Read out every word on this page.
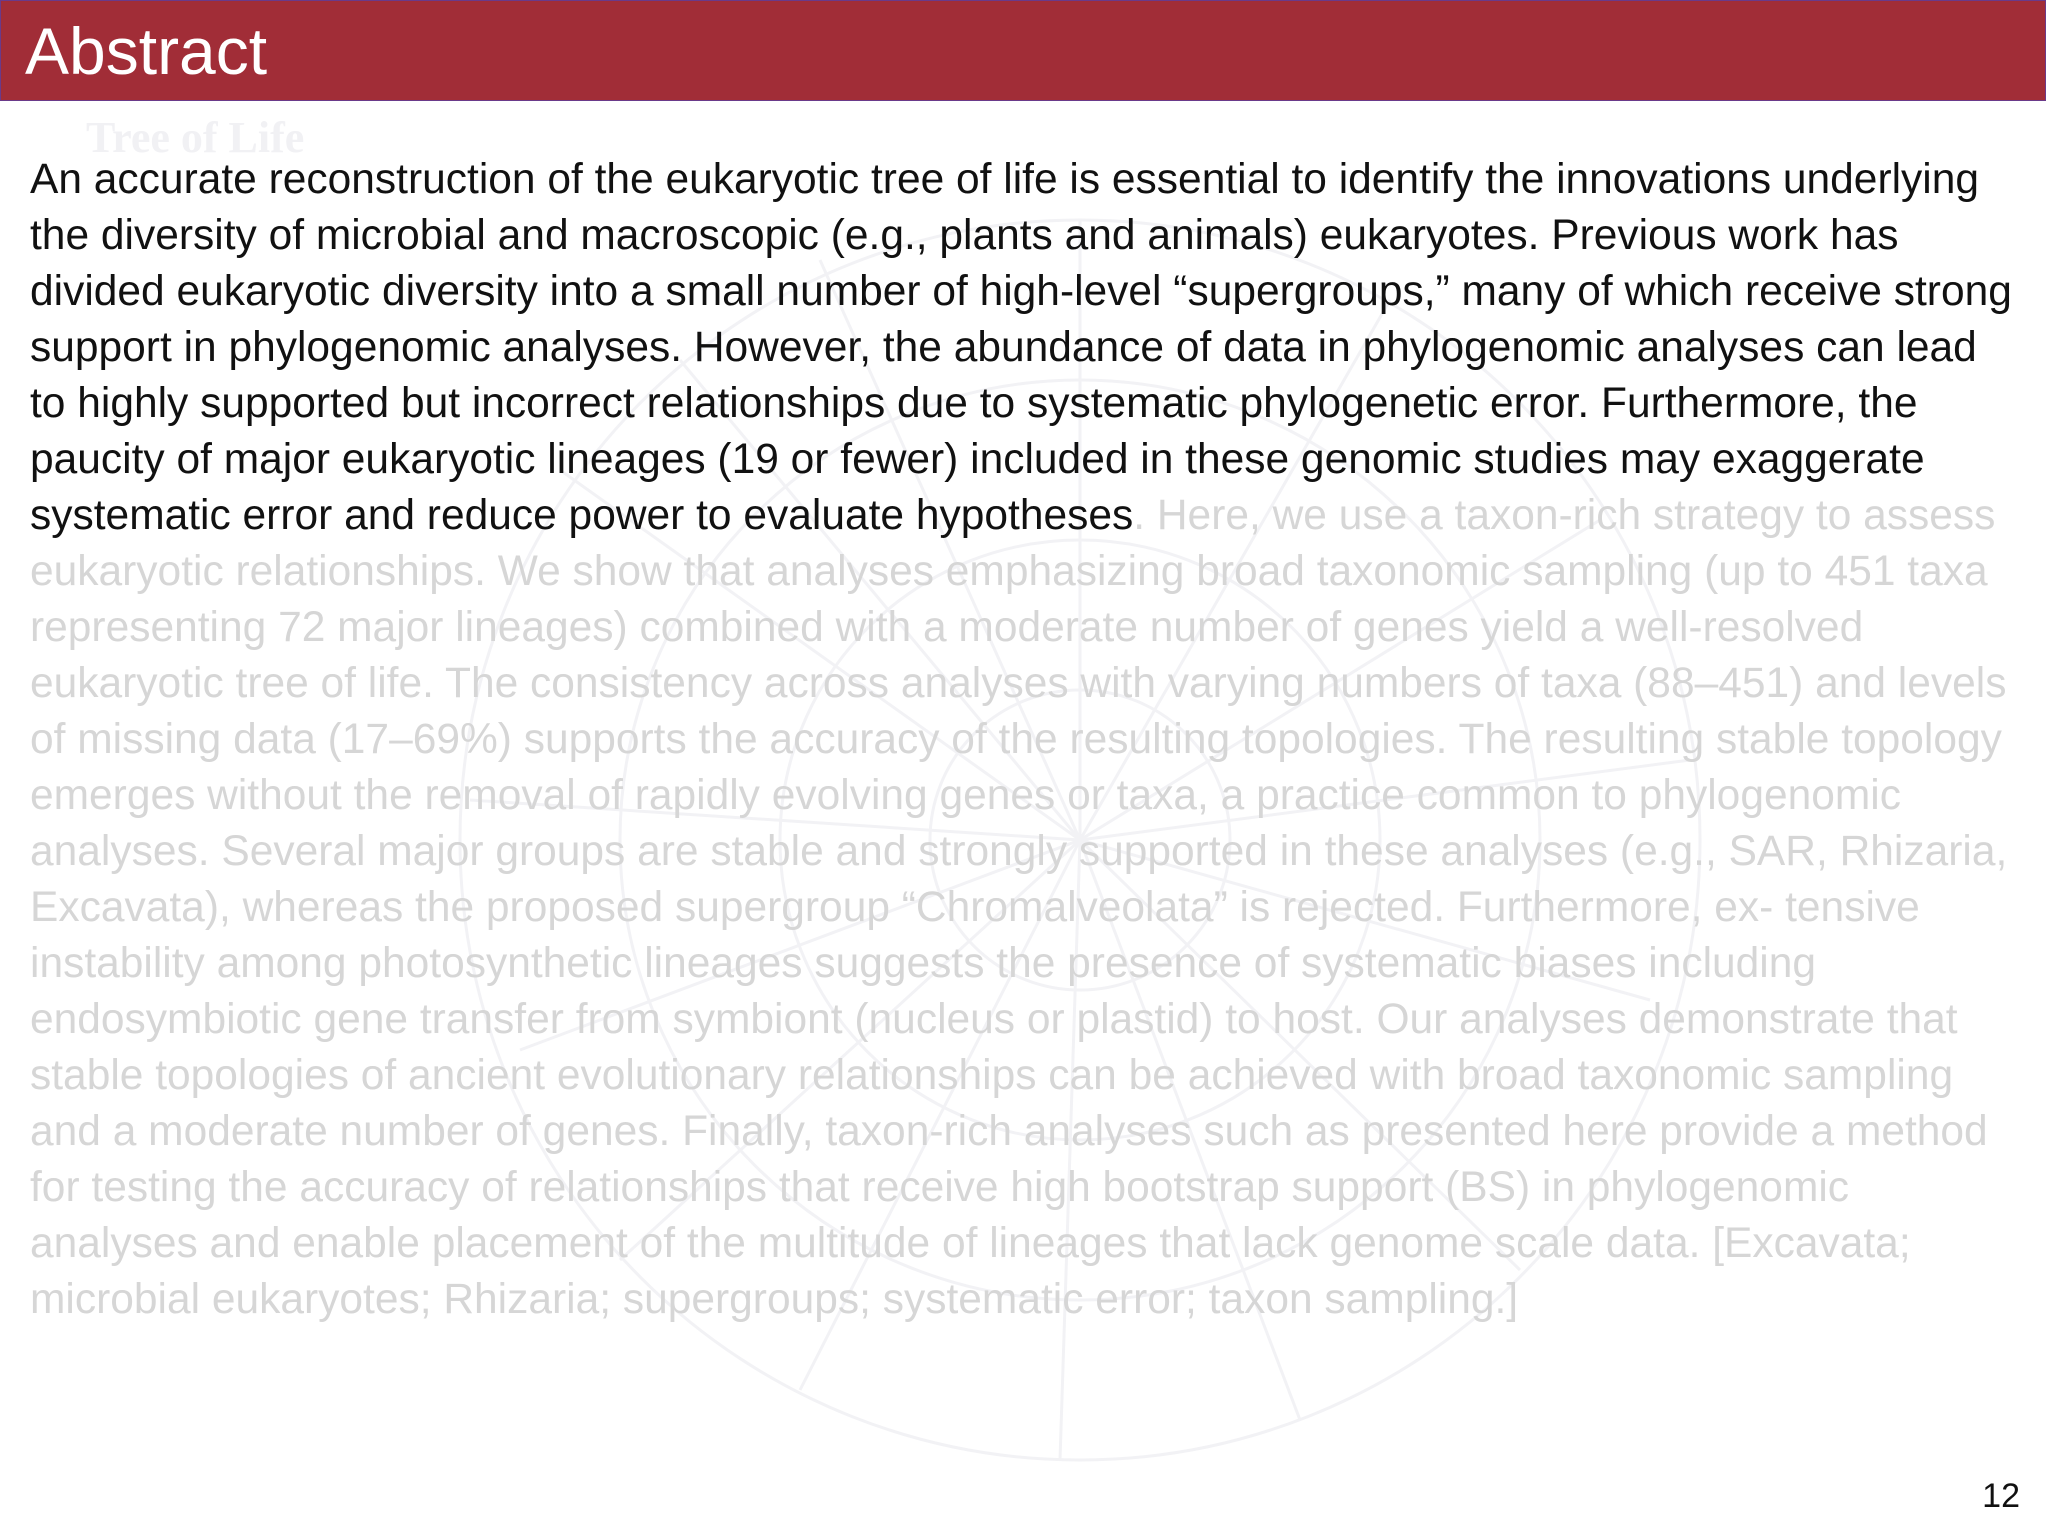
Tree of Life
Abstract

An accurate reconstruction of the eukaryotic tree of life is essential to identify the innovations underlying the diversity of microbial and macroscopic (e.g., plants and animals) eukaryotes. Previous work has divided eukaryotic diversity into a small number of high-level “supergroups,” many of which receive strong support in phylogenomic analyses. However, the abundance of data in phylogenomic analyses can lead to highly supported but incorrect relationships due to systematic phylogenetic error. Furthermore, the paucity of major eukaryotic lineages (19 or fewer) included in these genomic studies may exaggerate systematic error and reduce power to evaluate hypotheses. Here, we use a taxon-rich strategy to assess eukaryotic relationships. We show that analyses emphasizing broad taxonomic sampling (up to 451 taxa representing 72 major lineages) combined with a moderate number of genes yield a well-resolved eukaryotic tree of life. The consistency across analyses with varying numbers of taxa (88–451) and levels of missing data (17–69%) supports the accuracy of the resulting topologies. The resulting stable topology emerges without the removal of rapidly evolving genes or taxa, a practice common to phylogenomic analyses. Several major groups are stable and strongly supported in these analyses (e.g., SAR, Rhizaria, Excavata), whereas the proposed supergroup “Chromalveolata” is rejected. Furthermore, ex- tensive instability among photosynthetic lineages suggests the presence of systematic biases including endosymbiotic gene transfer from symbiont (nucleus or plastid) to host. Our analyses demonstrate that stable topologies of ancient evolutionary relationships can be achieved with broad taxonomic sampling and a moderate number of genes. Finally, taxon-rich analyses such as presented here provide a method for testing the accuracy of relationships that receive high bootstrap support (BS) in phylogenomic analyses and enable placement of the multitude of lineages that lack genome scale data. [Excavata; microbial eukaryotes; Rhizaria; supergroups; systematic error; taxon sampling.]

12
